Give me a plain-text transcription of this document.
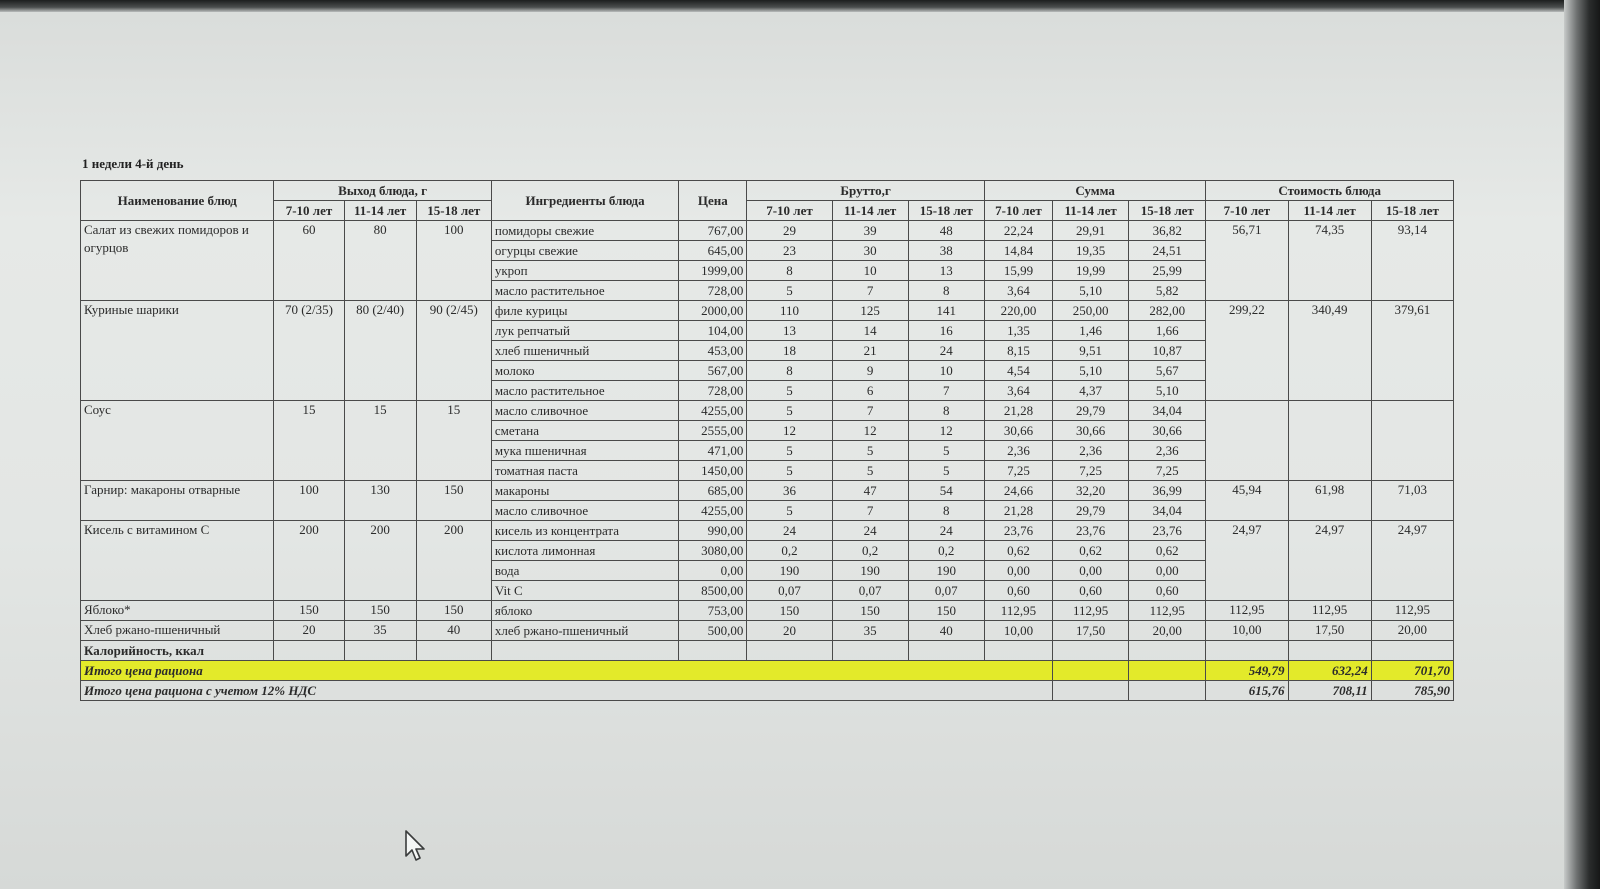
1 недели 4-й день
Наименование блюд	Выход блюда, г			Ингредиенты блюда	Цена	Брутто,г			Сумма			Стоимость блюда		
	7-10 лет	11-14 лет	15-18 лет			7-10 лет	11-14 лет	15-18 лет	7-10 лет	11-14 лет	15-18 лет	7-10 лет	11-14 лет	15-18 лет
Салат из свежих помидоров и огурцов	60	80	100	помидоры свежие	767,00	29	39	48	22,24	29,91	36,82	56,71	74,35	93,14
				огурцы свежие	645,00	23	30	38	14,84	19,35	24,51			
				укроп	1999,00	8	10	13	15,99	19,99	25,99			
				масло растительное	728,00	5	7	8	3,64	5,10	5,82			
Куриные шарики	70 (2/35)	80 (2/40)	90 (2/45)	филе курицы	2000,00	110	125	141	220,00	250,00	282,00	299,22	340,49	379,61
				лук репчатый	104,00	13	14	16	1,35	1,46	1,66			
				хлеб пшеничный	453,00	18	21	24	8,15	9,51	10,87			
				молоко	567,00	8	9	10	4,54	5,10	5,67			
				масло растительное	728,00	5	6	7	3,64	4,37	5,10			
Соус	15	15	15	масло сливочное	4255,00	5	7	8	21,28	29,79	34,04			
				сметана	2555,00	12	12	12	30,66	30,66	30,66			
				мука пшеничная	471,00	5	5	5	2,36	2,36	2,36			
				томатная паста	1450,00	5	5	5	7,25	7,25	7,25			
Гарнир: макароны отварные	100	130	150	макароны	685,00	36	47	54	24,66	32,20	36,99	45,94	61,98	71,03
				масло сливочное	4255,00	5	7	8	21,28	29,79	34,04			
Кисель с витамином С	200	200	200	кисель из концентрата	990,00	24	24	24	23,76	23,76	23,76	24,97	24,97	24,97
				кислота лимонная	3080,00	0,2	0,2	0,2	0,62	0,62	0,62			
				вода	0,00	190	190	190	0,00	0,00	0,00			
				Vit C	8500,00	0,07	0,07	0,07	0,60	0,60	0,60			
Яблоко*	150	150	150	яблоко	753,00	150	150	150	112,95	112,95	112,95	112,95	112,95	112,95
Хлеб ржано-пшеничный	20	35	40	хлеб ржано-пшеничный	500,00	20	35	40	10,00	17,50	20,00	10,00	17,50	20,00
Калорийность, ккал														
Итого цена рациона												549,79	632,24	701,70
Итого цена рациона с учетом 12% НДС												615,76	708,11	785,90
